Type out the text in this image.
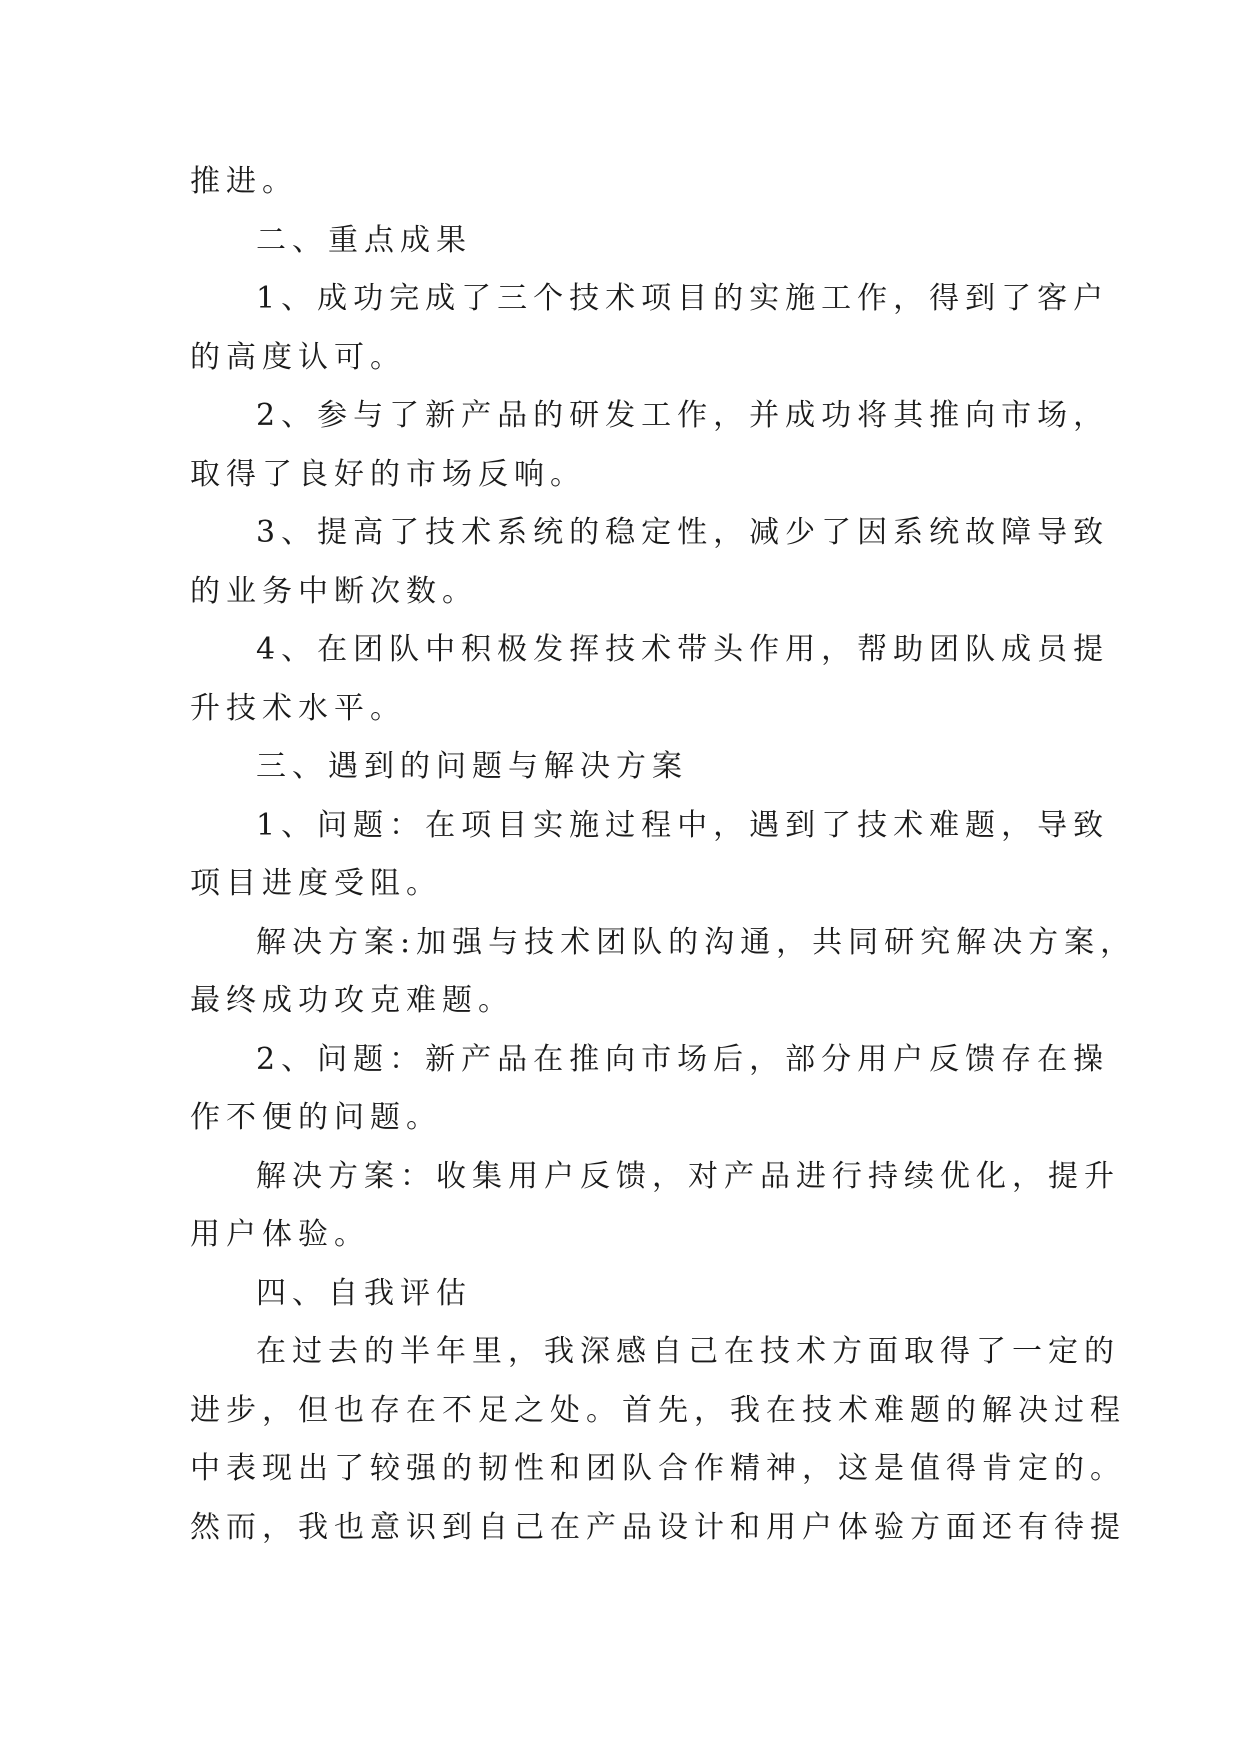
推进。
二、重点成果
1、成功完成了三个技术项目的实施工作，得到了客户
的高度认可。
2、参与了新产品的研发工作，并成功将其推向市场，
取得了良好的市场反响。
3、提高了技术系统的稳定性，减少了因系统故障导致
的业务中断次数。
4、在团队中积极发挥技术带头作用，帮助团队成员提
升技术水平。
三、遇到的问题与解决方案
1、问题：在项目实施过程中，遇到了技术难题，导致
项目进度受阻。
解决方案:加强与技术团队的沟通，共同研究解决方案，
最终成功攻克难题。
2、问题：新产品在推向市场后，部分用户反馈存在操
作不便的问题。
解决方案：收集用户反馈，对产品进行持续优化，提升
用户体验。
四、自我评估
在过去的半年里，我深感自己在技术方面取得了一定的
进步，但也存在不足之处。首先，我在技术难题的解决过程
中表现出了较强的韧性和团队合作精神，这是值得肯定的。
然而，我也意识到自己在产品设计和用户体验方面还有待提
